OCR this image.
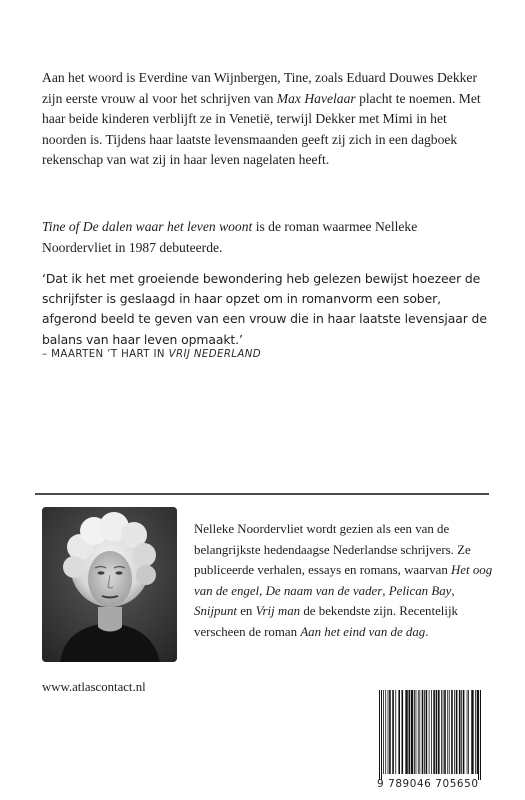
Aan het woord is Everdine van Wijnbergen, Tine, zoals Eduard Douwes Dekker zijn eerste vrouw al voor het schrijven van Max Havelaar placht te noemen. Met haar beide kinderen verblijft ze in Venetië, terwijl Dekker met Mimi in het noorden is. Tijdens haar laatste levensmaanden geeft zij zich in een dagboek rekenschap van wat zij in haar leven nagelaten heeft.

Tine of De dalen waar het leven woont is de roman waarmee Nelleke Noordervliet in 1987 debuteerde.

‘Dat ik het met groeiende bewondering heb gelezen bewijst hoezeer de schrijfster is geslaagd in haar opzet om in romanvorm een sober, afgerond beeld te geven van een vrouw die in haar laatste levensjaar de balans van haar leven opmaakt.’

– MAARTEN ’T HART IN VRIJ NEDERLAND

Nelleke Noordervliet wordt gezien als een van de belangrijkste hedendaagse Nederlandse schrijvers. Ze publiceerde verhalen, essays en romans, waarvan Het oog van de engel, De naam van de vader, Pelican Bay, Snijpunt en Vrij man de bekendste zijn. Recentelijk verscheen de roman Aan het eind van de dag.

www.atlascontact.nl
9 789046 705650
